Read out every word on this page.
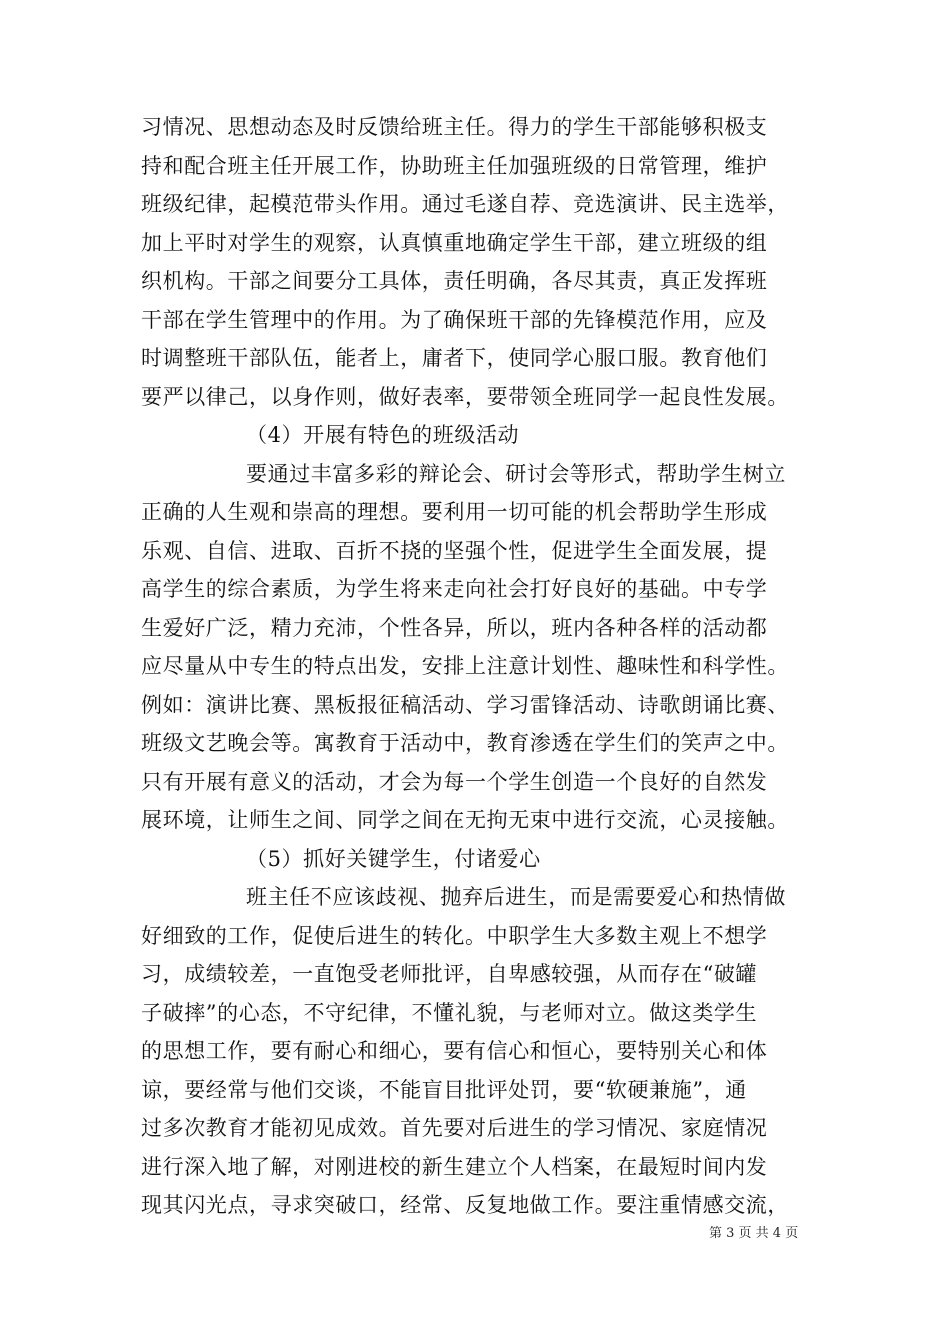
习情况、思想动态及时反馈给班主任。得力的学生干部能够积极支
持和配合班主任开展工作，协助班主任加强班级的日常管理，维护
班级纪律，起模范带头作用。通过毛遂自荐、竞选演讲、民主选举，
加上平时对学生的观察，认真慎重地确定学生干部，建立班级的组
织机构。干部之间要分工具体，责任明确，各尽其责，真正发挥班
干部在学生管理中的作用。为了确保班干部的先锋模范作用，应及
时调整班干部队伍，能者上，庸者下，使同学心服口服。教育他们
要严以律己，以身作则，做好表率，要带领全班同学一起良性发展。
（4）开展有特色的班级活动
要通过丰富多彩的辩论会、研讨会等形式，帮助学生树立
正确的人生观和崇高的理想。要利用一切可能的机会帮助学生形成
乐观、自信、进取、百折不挠的坚强个性，促进学生全面发展，提
高学生的综合素质，为学生将来走向社会打好良好的基础。中专学
生爱好广泛，精力充沛，个性各异，所以，班内各种各样的活动都
应尽量从中专生的特点出发，安排上注意计划性、趣味性和科学性。
例如：演讲比赛、黑板报征稿活动、学习雷锋活动、诗歌朗诵比赛、
班级文艺晚会等。寓教育于活动中，教育渗透在学生们的笑声之中。
只有开展有意义的活动，才会为每一个学生创造一个良好的自然发
展环境，让师生之间、同学之间在无拘无束中进行交流，心灵接触。
（5）抓好关键学生，付诸爱心
班主任不应该歧视、抛弃后进生，而是需要爱心和热情做
好细致的工作，促使后进生的转化。中职学生大多数主观上不想学
习，成绩较差，一直饱受老师批评，自卑感较强，从而存在“破罐
子破摔”的心态，不守纪律，不懂礼貌，与老师对立。做这类学生
的思想工作，要有耐心和细心，要有信心和恒心，要特别关心和体
谅，要经常与他们交谈，不能盲目批评处罚，要“软硬兼施”，通
过多次教育才能初见成效。首先要对后进生的学习情况、家庭情况
进行深入地了解，对刚进校的新生建立个人档案，在最短时间内发
现其闪光点，寻求突破口，经常、反复地做工作。要注重情感交流，
第 3 页 共 4 页
